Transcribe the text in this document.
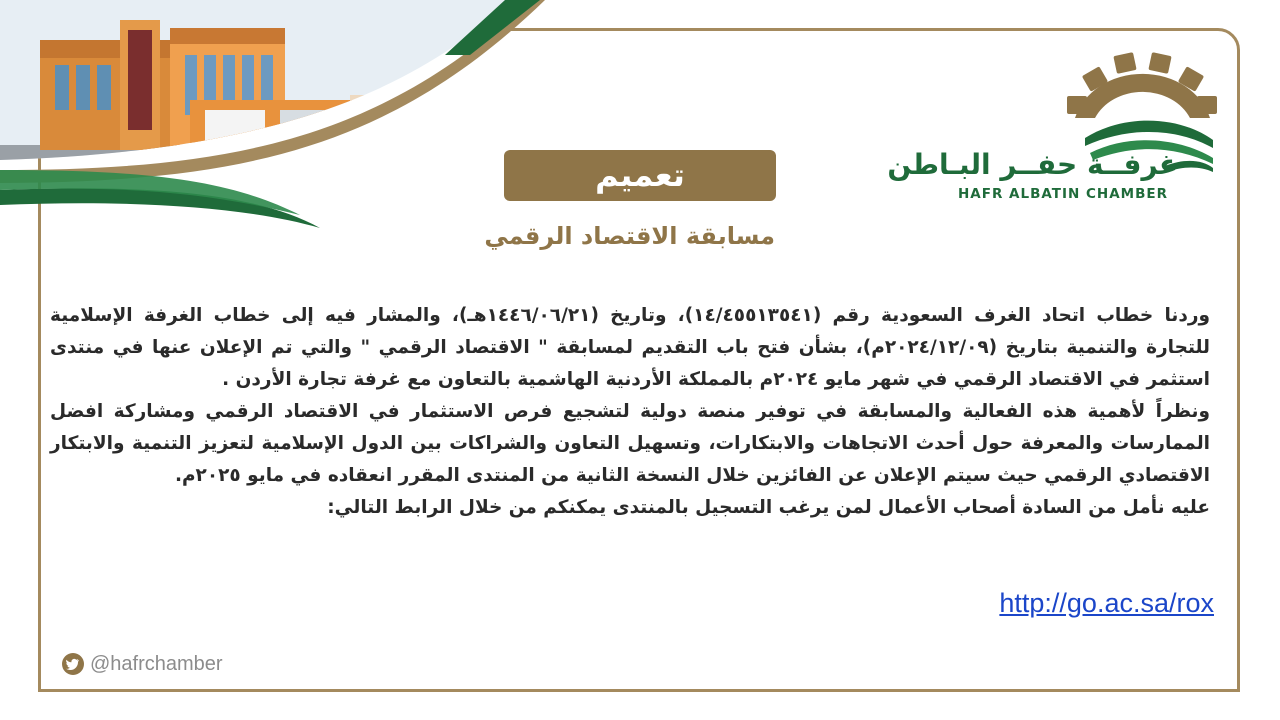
غرفــة حفــر البـاطن
HAFR ALBATIN CHAMBER
تعميم
مسابقة الاقتصاد الرقمي

وردنا خطاب اتحاد الغرف السعودية رقم (١٤/٤٥٥١٣٥٤١)، وتاريخ (١٤٤٦/٠٦/٢١هـ)، والمشار فيه إلى خطاب الغرفة الإسلامية للتجارة والتنمية بتاريخ (٢٠٢٤/١٢/٠٩م)، بشأن فتح باب التقديم لمسابقة " الاقتصاد الرقمي " والتي تم الإعلان عنها في منتدى استثمر في الاقتصاد الرقمي في شهر مايو ٢٠٢٤م بالمملكة الأردنية الهاشمية بالتعاون مع غرفة تجارة الأردن .

ونظراً لأهمية هذه الفعالية والمسابقة في توفير منصة دولية لتشجيع فرص الاستثمار في الاقتصاد الرقمي ومشاركة افضل الممارسات والمعرفة حول أحدث الاتجاهات والابتكارات، وتسهيل التعاون والشراكات بين الدول الإسلامية لتعزيز التنمية والابتكار الاقتصادي الرقمي حيث سيتم الإعلان عن الفائزين خلال النسخة الثانية من المنتدى المقرر انعقاده في مايو ٢٠٢٥م.

عليه نأمل من السادة أصحاب الأعمال لمن يرغب التسجيل بالمنتدى يمكنكم من خلال الرابط التالي:

http://go.ac.sa/rox
@hafrchamber
